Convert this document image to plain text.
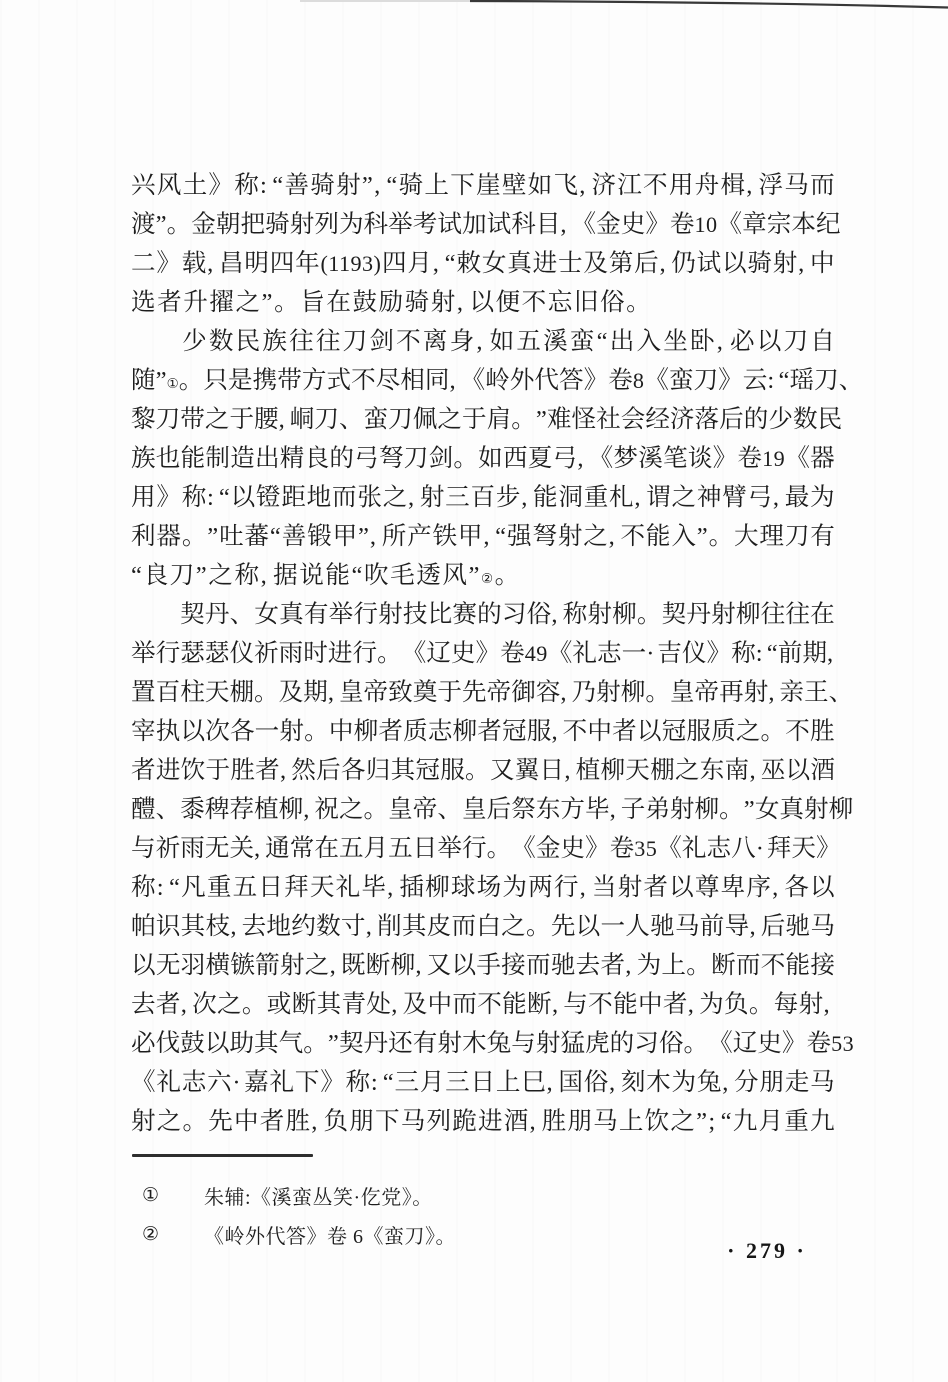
兴 风 土 》 称 : “ 善 骑 射 ” , “ 骑 上 下 崖 壁 如 飞 , 济 江 不 用 舟 楫 , 浮 马 而
渡 ” 。 金 朝 把 骑 射 列 为 科 举 考 试 加 试 科 目 , 《 金 史 》 卷 10 《 章 宗 本 纪
二 》 载 , 昌 明 四 年 (1193) 四 月 , “ 敕 女 真 进 士 及 第 后 , 仍 试 以 骑 射 , 中
选 者 升 擢 之 ” 。 旨 在 鼓 励 骑 射 , 以 便 不 忘 旧 俗 。
少 数 民 族 往 往 刀 剑 不 离 身 , 如 五 溪 蛮 “ 出 入 坐 卧 , 必 以 刀 自
随 ” ① 。 只 是 携 带 方 式 不 尽 相 同 , 《 岭 外 代 答 》 卷 8 《 蛮 刀 》 云 : “ 瑶 刀 、
黎 刀 带 之 于 腰 , 峒 刀 、 蛮 刀 佩 之 于 肩 。 ” 难 怪 社 会 经 济 落 后 的 少 数 民
族 也 能 制 造 出 精 良 的 弓 弩 刀 剑 。 如 西 夏 弓 , 《 梦 溪 笔 谈 》 卷 19 《 器
用 》 称 : “ 以 镫 距 地 而 张 之 , 射 三 百 步 , 能 洞 重 札 , 谓 之 神 臂 弓 , 最 为
利 器 。 ” 吐 蕃 “ 善 锻 甲 ” , 所 产 铁 甲 , “ 强 弩 射 之 , 不 能 入 ” 。 大 理 刀 有
“ 良 刀 ” 之 称 , 据 说 能 “ 吹 毛 透 风 ” ② 。
契 丹 、 女 真 有 举 行 射 技 比 赛 的 习 俗 , 称 射 柳 。 契 丹 射 柳 往 往 在
举 行 瑟 瑟 仪 祈 雨 时 进 行 。 《 辽 史 》 卷 49 《 礼 志 一 · 吉 仪 》 称 : “ 前 期 ,
置 百 柱 天 棚 。 及 期 , 皇 帝 致 奠 于 先 帝 御 容 , 乃 射 柳 。 皇 帝 再 射 , 亲 王 、
宰 执 以 次 各 一 射 。 中 柳 者 质 志 柳 者 冠 服 , 不 中 者 以 冠 服 质 之 。 不 胜
者 进 饮 于 胜 者 , 然 后 各 归 其 冠 服 。 又 翼 日 , 植 柳 天 棚 之 东 南 , 巫 以 酒
醴 、 黍 稗 荐 植 柳 , 祝 之 。 皇 帝 、 皇 后 祭 东 方 毕 , 子 弟 射 柳 。 ” 女 真 射 柳
与 祈 雨 无 关 , 通 常 在 五 月 五 日 举 行 。 《 金 史 》 卷 35 《 礼 志 八 · 拜 天 》
称 : “ 凡 重 五 日 拜 天 礼 毕 , 插 柳 球 场 为 两 行 , 当 射 者 以 尊 卑 序 , 各 以
帕 识 其 枝 , 去 地 约 数 寸 , 削 其 皮 而 白 之 。 先 以 一 人 驰 马 前 导 , 后 驰 马
以 无 羽 横 镞 箭 射 之 , 既 断 柳 , 又 以 手 接 而 驰 去 者 , 为 上 。 断 而 不 能 接
去 者 , 次 之 。 或 断 其 青 处 , 及 中 而 不 能 断 , 与 不 能 中 者 , 为 负 。 每 射 ,
必 伐 鼓 以 助 其 气 。 ” 契 丹 还 有 射 木 兔 与 射 猛 虎 的 习 俗 。 《 辽 史 》 卷 53
《 礼 志 六 · 嘉 礼 下 》 称 : “ 三 月 三 日 上 巳 , 国 俗 , 刻 木 为 兔 , 分 朋 走 马
射 之 。 先 中 者 胜 , 负 朋 下 马 列 跪 进 酒 , 胜 朋 马 上 饮 之 ” ; “ 九 月 重 九
①	朱辅:《溪蛮丛笑·仡党》。
②	《岭外代答》卷 6《蛮刀》。
· 279 ·
